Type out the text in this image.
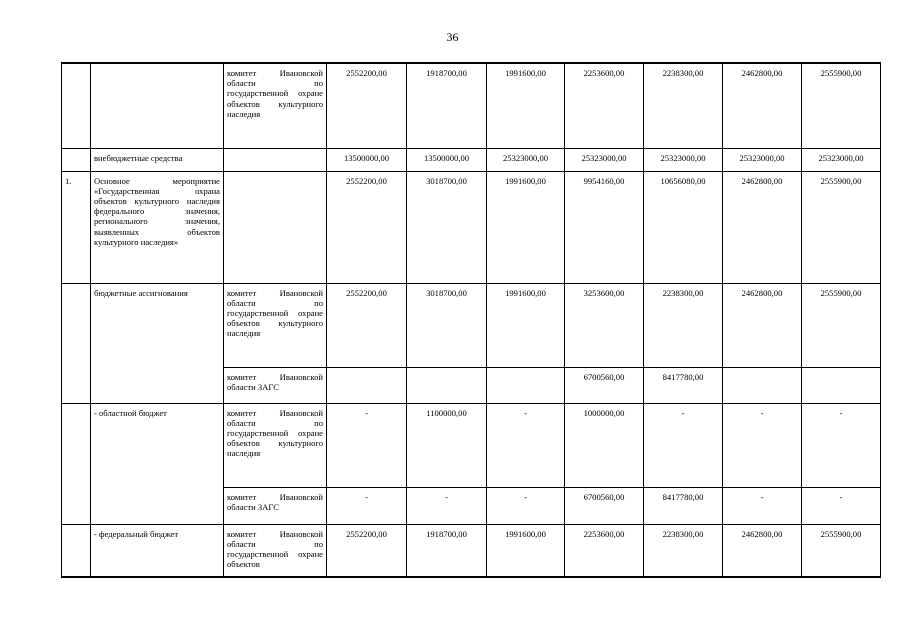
36
		комитет Ивановской области по государственной охране объектов культурного наследия	2552200,00	1918700,00	1991600,00	2253600,00	2238300,00	2462800,00	2555900,00
	внебюджетные средства		13500000,00	13500000,00	25323000,00	25323000,00	25323000,00	25323000,00	25323000,00
1.	Основное мероприятие «Государственная охрана объектов культурного наследия федерального значения, регионального значения, выявленных объектов культурного наследия»		2552200,00	3018700,00	1991600,00	9954160,00	10656080,00	2462800,00	2555900,00
	бюджетные ассигнования	комитет Ивановской области по государственной охране объектов культурного наследия	2552200,00	3018700,00	1991600,00	3253600,00	2238300,00	2462800,00	2555900,00
		комитет Ивановской области ЗАГС				6700560,00	8417780,00		
	- областной бюджет	комитет Ивановской области по государственной охране объектов культурного наследия	-	1100000,00	-	1000000,00	-	-	-
		комитет Ивановской области ЗАГС	-	-	-	6700560,00	8417780,00	-	-
	- федеральный бюджет	комитет Ивановской области по государственной охране объектов	2552200,00	1918700,00	1991600,00	2253600,00	2238300,00	2462800,00	2555900,00
